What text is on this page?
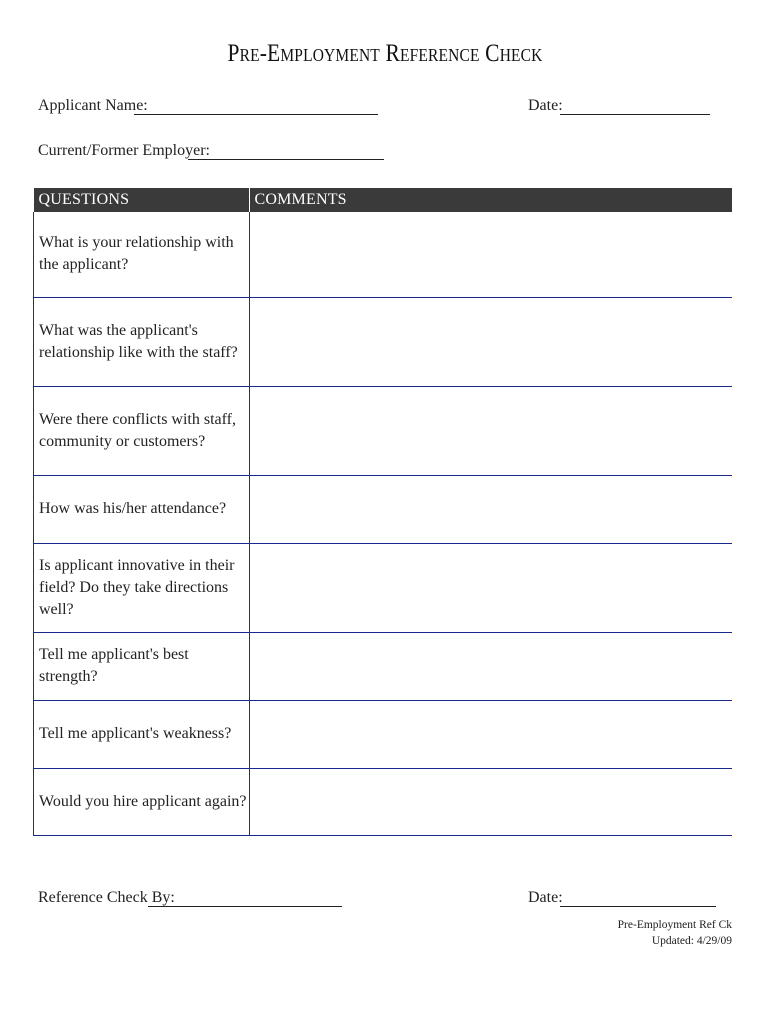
Pre-Employment Reference Check
Applicant Name:	Date:
Current/Former Employer:
QUESTIONS	COMMENTS
What is your relationship with the applicant?	
What was the applicant's relationship like with the staff?	
Were there conflicts with staff, community or customers?	
How was his/her attendance?	
Is applicant innovative in their field? Do they take directions well?	
Tell me applicant's best strength?	
Tell me applicant's weakness?	
Would you hire applicant again?	
Reference Check By:	Date:
Pre-Employment Ref Ck
Updated: 4/29/09
